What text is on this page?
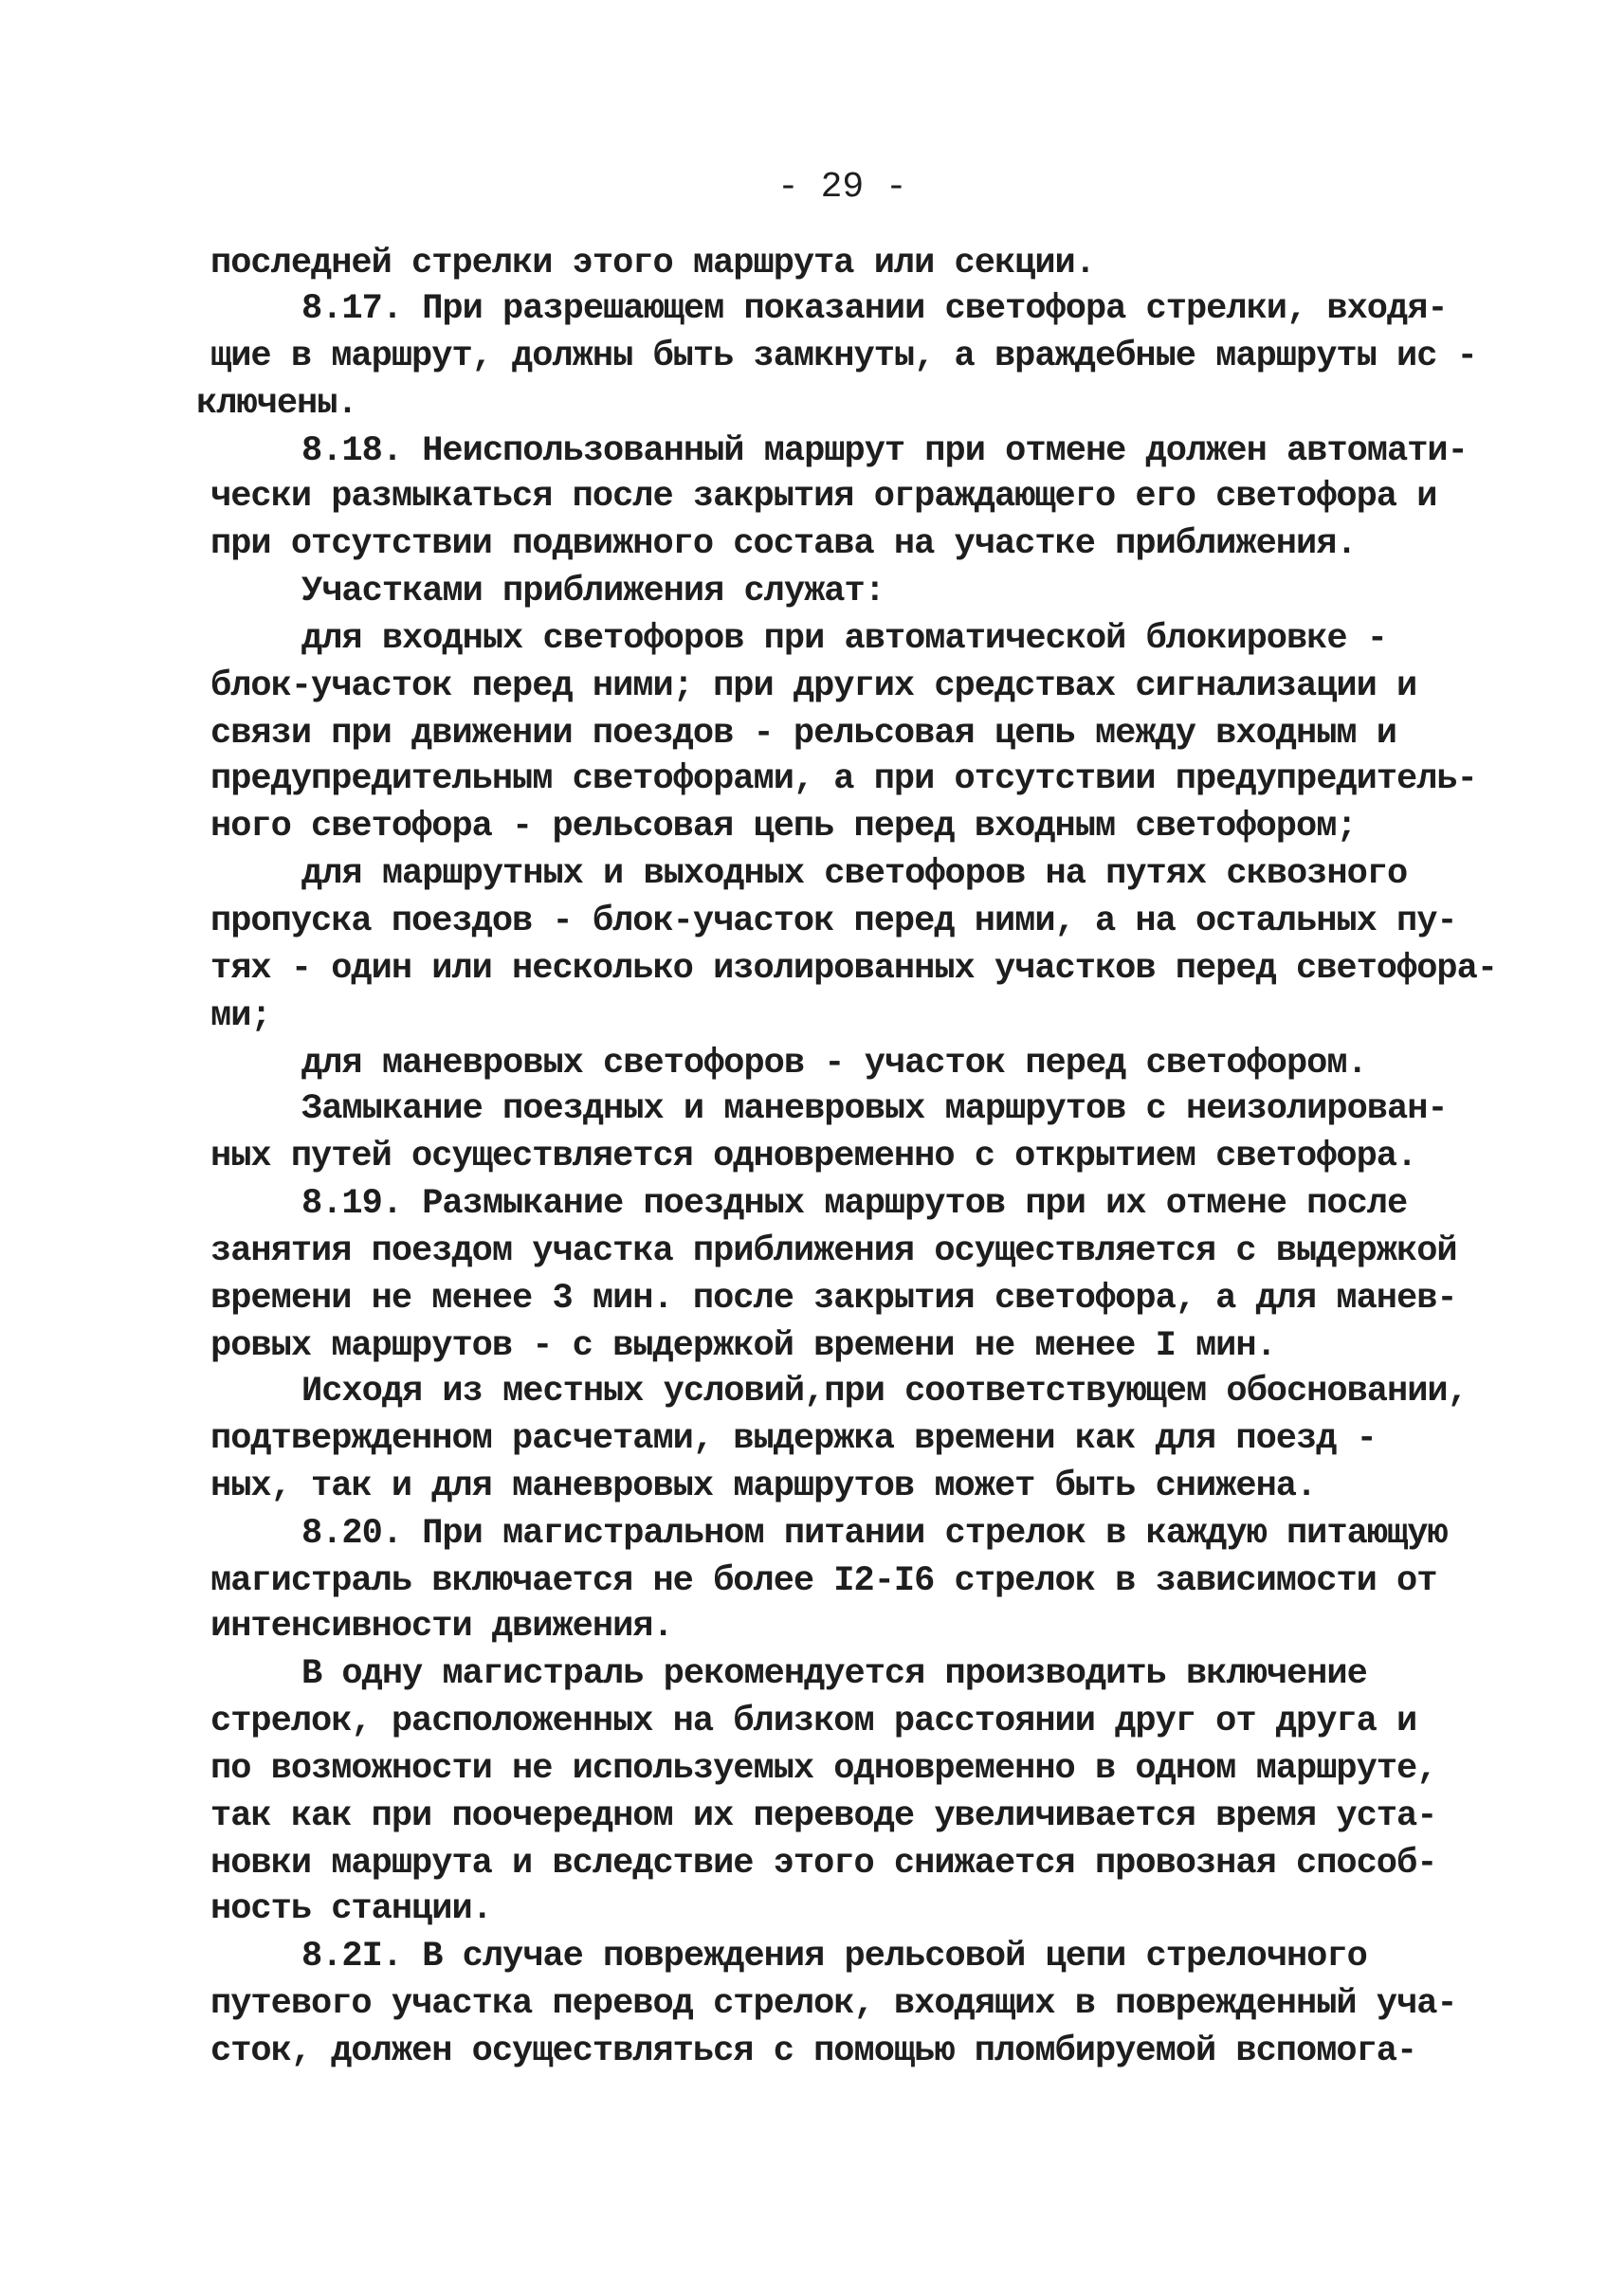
- 29 -
последней стрелки этого маршрута или секции.
8.17. При разрешающем показании светофора стрелки, входя-
щие в маршрут, должны быть замкнуты, а враждебные маршруты ис -
ключены.
8.18. Неиспользованный маршрут при отмене должен автомати-
чески размыкаться после закрытия ограждающего его светофора и
при отсутствии подвижного состава на участке приближения.
Участками приближения служат:
для входных светофоров при автоматической блокировке -
блок-участок перед ними; при других средствах сигнализации и
связи при движении поездов - рельсовая цепь между входным и
предупредительным светофорами, а при отсутствии предупредитель-
ного светофора - рельсовая цепь перед входным светофором;
для маршрутных и выходных светофоров на путях сквозного
пропуска поездов - блок-участок перед ними, а на остальных пу-
тях - один или несколько изолированных участков перед светофора-
ми;
для маневровых светофоров - участок перед светофором.
Замыкание поездных и маневровых маршрутов с неизолирован-
ных путей осуществляется одновременно с открытием светофора.
8.19. Размыкание поездных маршрутов при их отмене после
занятия поездом участка приближения осуществляется с выдержкой
времени не менее 3 мин. после закрытия светофора, а для манев-
ровых маршрутов - с выдержкой времени не менее I мин.
Исходя из местных условий,при соответствующем обосновании,
подтвержденном расчетами, выдержка времени как для поезд -
ных, так и для маневровых маршрутов может быть снижена.
8.20. При магистральном питании стрелок в каждую питающую
магистраль включается не более I2-I6 стрелок в зависимости от
интенсивности движения.
В одну магистраль рекомендуется производить включение
стрелок, расположенных на близком расстоянии друг от друга и
по возможности не используемых одновременно в одном маршруте,
так как при поочередном их переводе увеличивается время уста-
новки маршрута и вследствие этого снижается провозная способ-
ность станции.
8.2I. В случае повреждения рельсовой цепи стрелочного
путевого участка перевод стрелок, входящих в поврежденный уча-
сток, должен осуществляться с помощью пломбируемой вспомога-
